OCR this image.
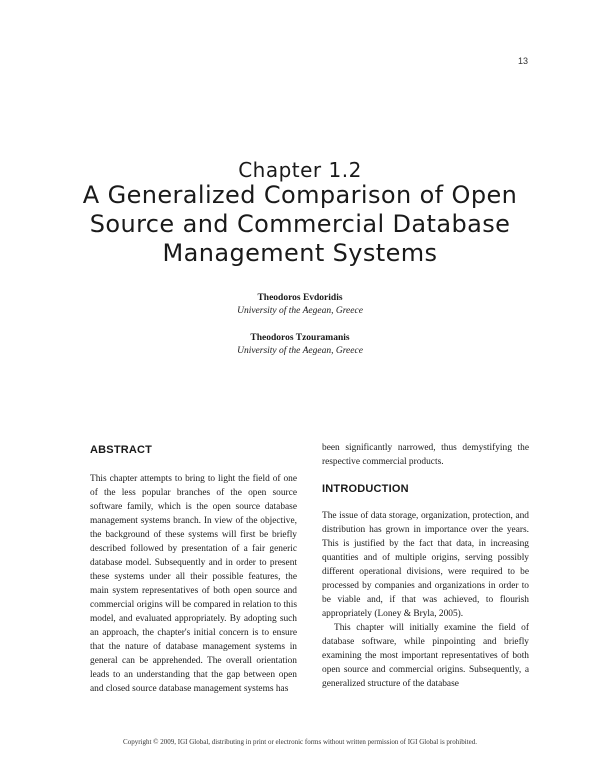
13
Chapter 1.2
A Generalized Comparison of Open Source and Commercial Database Management Systems
Theodoros Evdoridis
University of the Aegean, Greece
Theodoros Tzouramanis
University of the Aegean, Greece
ABSTRACT

This chapter attempts to bring to light the field of one of the less popular branches of the open source software family, which is the open source database management systems branch. In view of the objective, the background of these systems will first be briefly described followed by presentation of a fair generic database model. Subsequently and in order to present these systems under all their possible features, the main system representatives of both open source and commercial origins will be compared in relation to this model, and evaluated appropriately. By adopting such an approach, the chapter's initial concern is to ensure that the nature of database management systems in general can be apprehended. The overall orientation leads to an understanding that the gap between open and closed source database management systems has

been significantly narrowed, thus demystifying the respective commercial products.

INTRODUCTION

The issue of data storage, organization, protection, and distribution has grown in importance over the years. This is justified by the fact that data, in increasing quantities and of multiple origins, serving possibly different operational divisions, were required to be processed by companies and organizations in order to be viable and, if that was achieved, to flourish appropriately (Loney & Bryla, 2005).

This chapter will initially examine the field of database software, while pinpointing and briefly examining the most important representatives of both open source and commercial origins. Subsequently, a generalized structure of the database

Copyright © 2009, IGI Global, distributing in print or electronic forms without written permission of IGI Global is prohibited.
